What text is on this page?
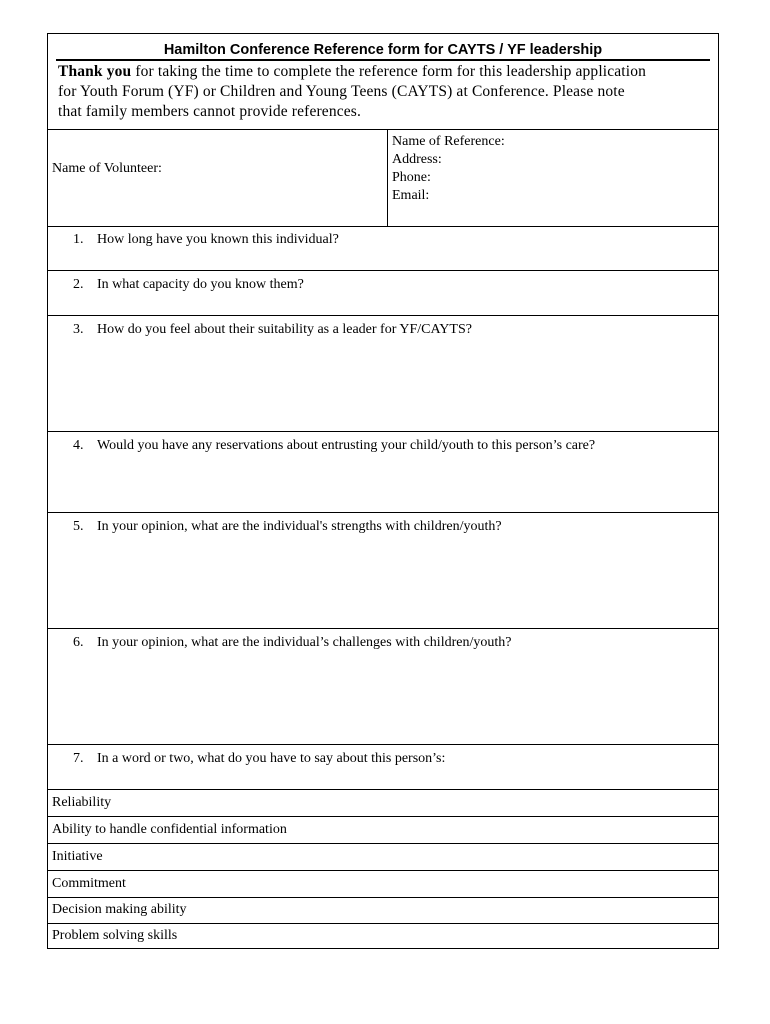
Hamilton Conference Reference form for CAYTS / YF leadership
Thank you for taking the time to complete the reference form for this leadership application
for Youth Forum (YF) or Children and Young Teens (CAYTS) at Conference. Please note
that family members cannot provide references.
Name of Volunteer:
Name of Reference:
Address:
Phone:
Email:
1. How long have you known this individual?
2. In what capacity do you know them?
3. How do you feel about their suitability as a leader for YF/CAYTS?
4. Would you have any reservations about entrusting your child/youth to this person’s care?
5. In your opinion, what are the individual's strengths with children/youth?
6. In your opinion, what are the individual’s challenges with children/youth?
7. In a word or two, what do you have to say about this person’s:
Reliability
Ability to handle confidential information
Initiative
Commitment
Decision making ability
Problem solving skills
